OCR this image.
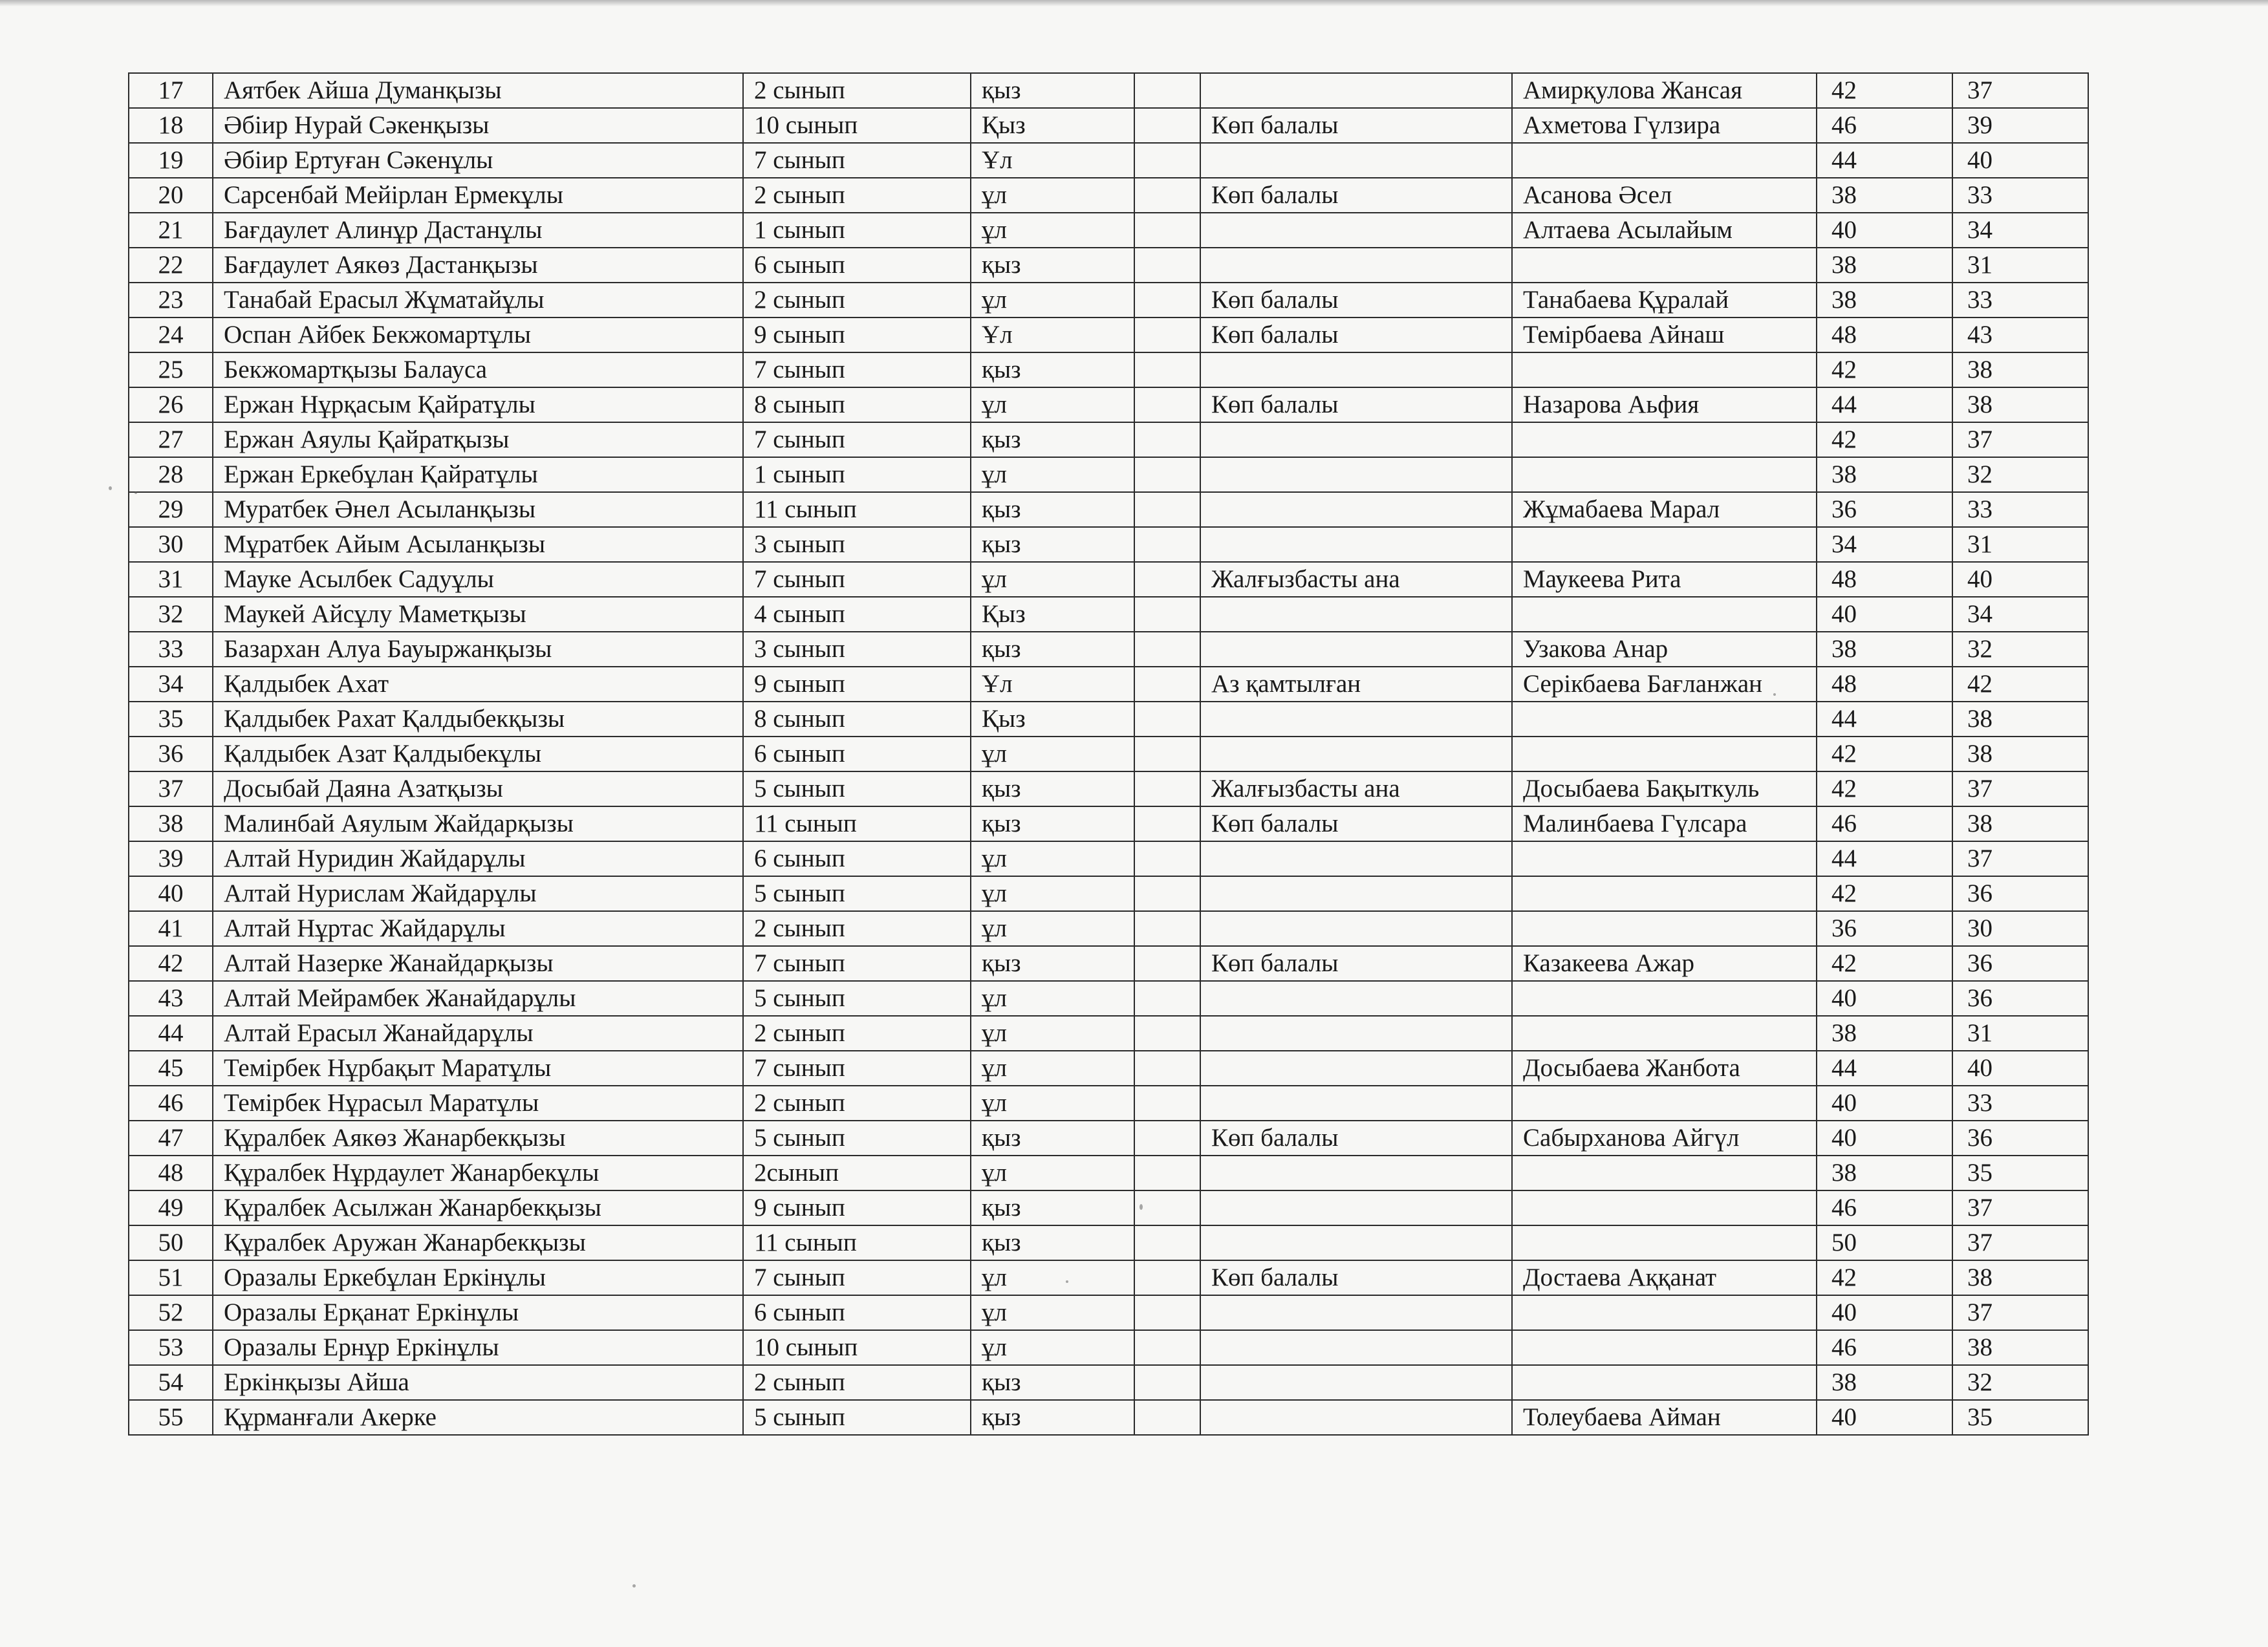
17	Аятбек Айша Думанқызы	2 сынып	қыз			Амирқулова Жансая	42	37
18	Әбіир Нурай Сәкенқызы	10 сынып	Қыз		Көп балалы	Ахметова Гүлзира	46	39
19	Әбіир Ертуған Сәкенұлы	7 сынып	Ұл				44	40
20	Сарсенбай Мейірлан Ермекұлы	2 сынып	ұл		Көп балалы	Асанова Әсел	38	33
21	Бағдаулет Алинұр Дастанұлы	1 сынып	ұл			Алтаева Асылайым	40	34
22	Бағдаулет Аякөз Дастанқызы	6 сынып	қыз				38	31
23	Танабай Ерасыл Жұматайұлы	2 сынып	ұл		Көп балалы	Танабаева Құралай	38	33
24	Оспан Айбек Бекжомартұлы	9 сынып	Ұл		Көп балалы	Темірбаева Айнаш	48	43
25	Бекжомартқызы Балауса	7 сынып	қыз				42	38
26	Ержан Нұрқасым Қайратұлы	8 сынып	ұл		Көп балалы	Назарова Аьфия	44	38
27	Ержан Аяулы Қайратқызы	7 сынып	қыз				42	37
28	Ержан Еркебұлан Қайратұлы	1 сынып	ұл				38	32
29	Муратбек Әнел Асыланқызы	11 сынып	қыз			Жұмабаева Марал	36	33
30	Мұратбек Айым Асыланқызы	3 сынып	қыз				34	31
31	Мауке Асылбек Садуұлы	7 сынып	ұл		Жалғызбасты ана	Маукеева Рита	48	40
32	Маукей Айсұлу Маметқызы	4 сынып	Қыз				40	34
33	Базархан Алуа Бауыржанқызы	3 сынып	қыз			Узакова Анар	38	32
34	Қалдыбек Ахат	9 сынып	Ұл		Аз қамтылған	Серікбаева Бағланжан	48	42
35	Қалдыбек Рахат Қалдыбекқызы	8 сынып	Қыз				44	38
36	Қалдыбек Азат Қалдыбекұлы	6 сынып	ұл				42	38
37	Досыбай Даяна Азатқызы	5 сынып	қыз		Жалғызбасты ана	Досыбаева Бақыткуль	42	37
38	Малинбай Аяулым Жайдарқызы	11 сынып	қыз		Көп балалы	Малинбаева Гүлсара	46	38
39	Алтай Нуридин Жайдарұлы	6 сынып	ұл				44	37
40	Алтай Нурислам Жайдарұлы	5 сынып	ұл				42	36
41	Алтай Нұртас Жайдарұлы	2 сынып	ұл				36	30
42	Алтай Назерке Жанайдарқызы	7 сынып	қыз		Көп балалы	Казакеева Ажар	42	36
43	Алтай Мейрамбек Жанайдарұлы	5 сынып	ұл				40	36
44	Алтай Ерасыл Жанайдарұлы	2 сынып	ұл				38	31
45	Темірбек Нұрбақыт Маратұлы	7 сынып	ұл			Досыбаева Жанбота	44	40
46	Темірбек Нұрасыл Маратұлы	2 сынып	ұл				40	33
47	Құралбек Аякөз Жанарбекқызы	5 сынып	қыз		Көп балалы	Сабырханова Айгүл	40	36
48	Құралбек Нұрдаулет Жанарбекұлы	2сынып	ұл				38	35
49	Құралбек Асылжан Жанарбекқызы	9 сынып	қыз				46	37
50	Құралбек Аружан Жанарбекқызы	11 сынып	қыз				50	37
51	Оразалы Еркебұлан Еркінұлы	7 сынып	ұл		Көп балалы	Достаева Аққанат	42	38
52	Оразалы Ерқанат Еркінұлы	6 сынып	ұл				40	37
53	Оразалы Ернұр Еркінұлы	10 сынып	ұл				46	38
54	Еркінқызы Айша	2 сынып	қыз				38	32
55	Құрманғали Акерке	5 сынып	қыз			Толеубаева Айман	40	35
